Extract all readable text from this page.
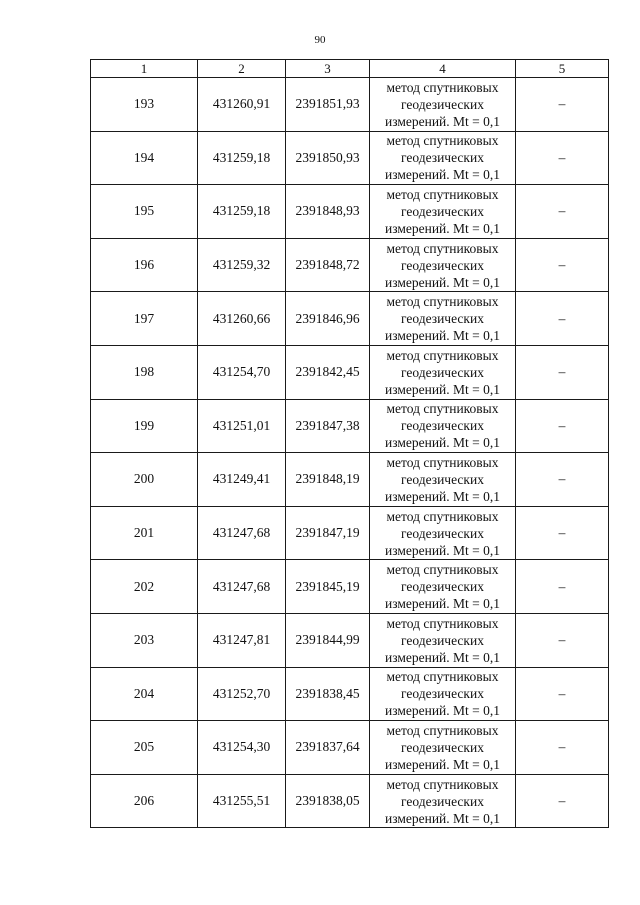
90
1	2	3	4	5
193	431260,91	2391851,93	метод спутниковых
геодезических
измерений. Mt = 0,1	–
194	431259,18	2391850,93	метод спутниковых
геодезических
измерений. Mt = 0,1	–
195	431259,18	2391848,93	метод спутниковых
геодезических
измерений. Mt = 0,1	–
196	431259,32	2391848,72	метод спутниковых
геодезических
измерений. Mt = 0,1	–
197	431260,66	2391846,96	метод спутниковых
геодезических
измерений. Mt = 0,1	–
198	431254,70	2391842,45	метод спутниковых
геодезических
измерений. Mt = 0,1	–
199	431251,01	2391847,38	метод спутниковых
геодезических
измерений. Mt = 0,1	–
200	431249,41	2391848,19	метод спутниковых
геодезических
измерений. Mt = 0,1	–
201	431247,68	2391847,19	метод спутниковых
геодезических
измерений. Mt = 0,1	–
202	431247,68	2391845,19	метод спутниковых
геодезических
измерений. Mt = 0,1	–
203	431247,81	2391844,99	метод спутниковых
геодезических
измерений. Mt = 0,1	–
204	431252,70	2391838,45	метод спутниковых
геодезических
измерений. Mt = 0,1	–
205	431254,30	2391837,64	метод спутниковых
геодезических
измерений. Mt = 0,1	–
206	431255,51	2391838,05	метод спутниковых
геодезических
измерений. Mt = 0,1	–
